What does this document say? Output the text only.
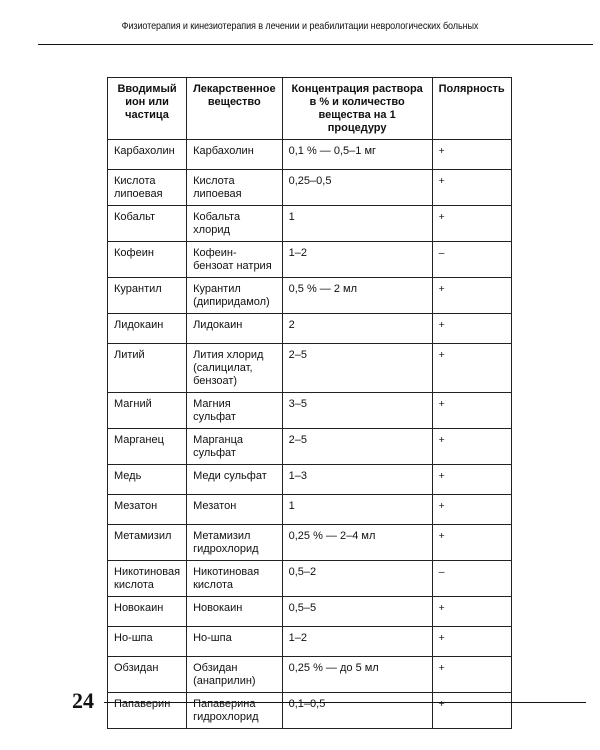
Физиотерапия и кинезиотерапия в лечении и реабилитации неврологических больных
Вводимый ион или частица	Лекарственное вещество	Концентрация раствора в % и количество вещества на 1 процедуру	Полярность
Карбахолин	Карбахолин	0,1 % — 0,5–1 мг	+
Кислота липоевая	Кислота липоевая	0,25–0,5	+
Кобальт	Кобальта хлорид	1	+
Кофеин	Кофеин-бензоат натрия	1–2	–
Курантил	Курантил (дипиридамол)	0,5 % — 2 мл	+
Лидокаин	Лидокаин	2	+
Литий	Лития хлорид (салицилат, бензоат)	2–5	+
Магний	Магния сульфат	3–5	+
Марганец	Марганца сульфат	2–5	+
Медь	Меди сульфат	1–3	+
Мезатон	Мезатон	1	+
Метамизил	Метамизил гидрохлорид	0,25 % — 2–4 мл	+
Никотиновая кислота	Никотиновая кислота	0,5–2	–
Новокаин	Новокаин	0,5–5	+
Но-шпа	Но-шпа	1–2	+
Обзидан	Обзидан (анаприлин)	0,25 % — до 5 мл	+
Папаверин	Папаверина гидрохлорид	0,1–0,5	+
24
